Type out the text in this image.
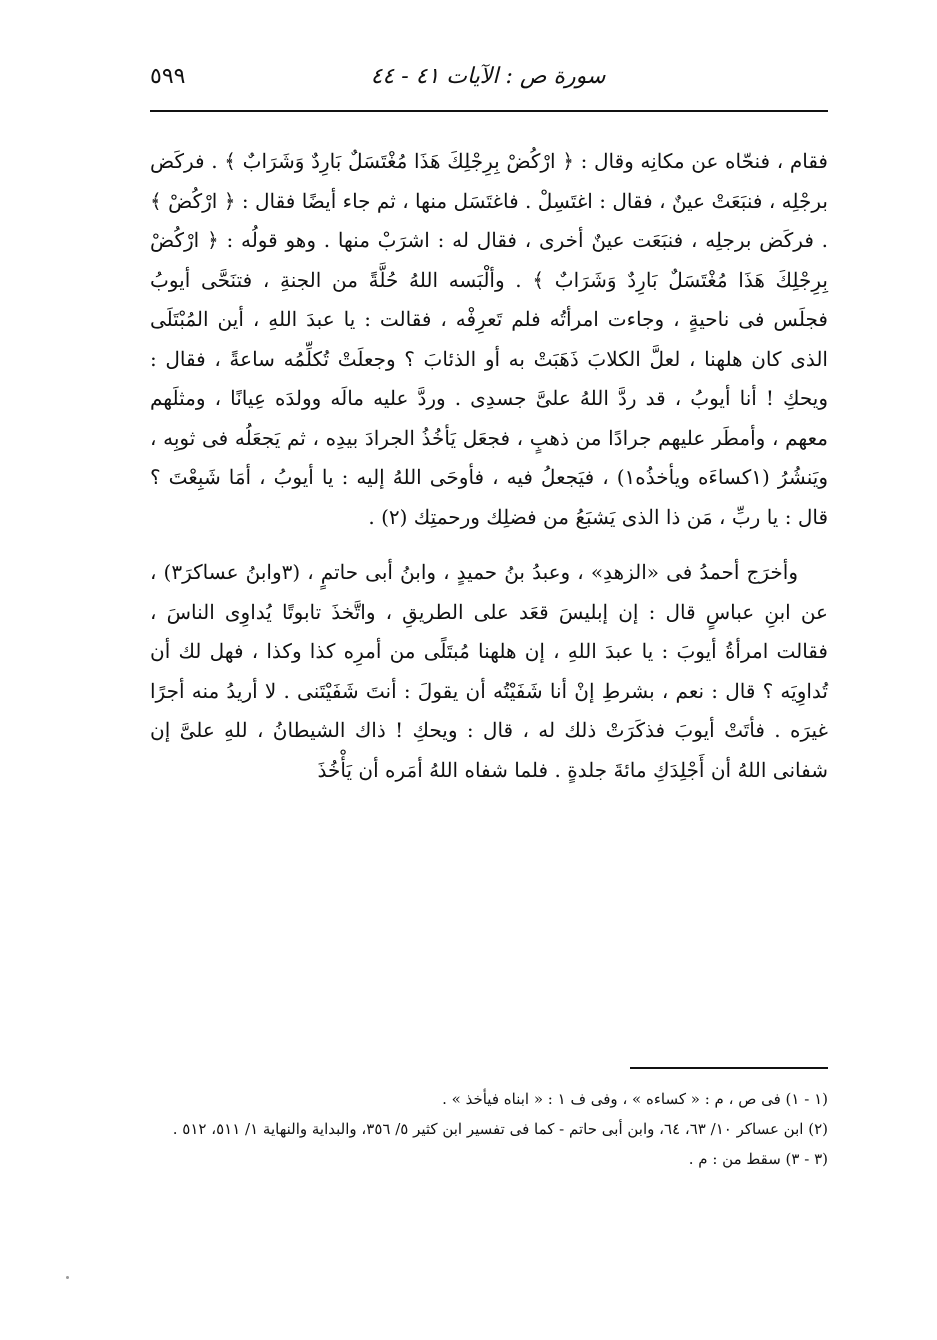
سورة ص : الآيات ٤١ - ٤٤
٥٩٩

فقام ، فنحّاه عن مكانِه وقال : ﴿ ارْكُضْ بِرِجْلِكَ هَذَا مُغْتَسَلٌ بَارِدٌ وَشَرَابٌ ﴾ . فركَض برجْلِه ، فنبَعَتْ عينٌ ، فقال : اغتَسِلْ . فاغتَسَل منها ، ثم جاء أيضًا فقال : ﴿ ارْكُضْ ﴾ . فركَض برجلِه ، فنبَعَت عينٌ أخرى ، فقال له : اشرَبْ منها . وهو قولُه : ﴿ ارْكُضْ بِرِجْلِكَ هَذَا مُغْتَسَلٌ بَارِدٌ وَشَرَابٌ ﴾ . وألْبَسه اللهُ حُلَّةً من الجنةِ ، فتنَحَّى أيوبُ فجلَس فى ناحيةٍ ، وجاءت امرأتُه فلم تَعرِفْه ، فقالت : يا عبدَ اللهِ ، أين المُبْتَلَى الذى كان هلهنا ، لعلَّ الكلابَ ذَهَبَتْ به أو الذئابَ ؟ وجعلَتْ تُكلِّمُه ساعةً ، فقال : ويحكِ ! أنا أيوبُ ، قد ردَّ اللهُ علىَّ جسدِى . وردَّ عليه مالَه وولدَه عِيانًا ، ومثلَهم معهم ، وأمطَر عليهم جرادًا من ذهبٍ ، فجعَل يَأخُذُ الجرادَ بيدِه ، ثم يَجعَلُه فى ثوبِه ، ويَنشُرُ (١كساءَه ويأخذُه١) ، فيَجعلُ فيه ، فأوحَى اللهُ إليه : يا أيوبُ ، أمَا شَبِعْتَ ؟ قال : يا ربِّ ، مَن ذا الذى يَشبَعُ من فضلِك ورحمتِك (٢) .

وأخرَج أحمدُ فى «الزهدِ» ، وعبدُ بنُ حميدٍ ، وابنُ أبى حاتمٍ ، (٣وابنُ عساكرَ٣) ، عن ابنِ عباسٍ قال : إن إبليسَ قعَد على الطريقِ ، واتَّخذَ تابوتًا يُداوِى الناسَ ، فقالت امرأةُ أيوبَ : يا عبدَ اللهِ ، إن هلهنا مُبتَلًى من أمرِه كذا وكذا ، فهل لك أن تُداوِيَه ؟ قال : نعم ، بشرطِ إنْ أنا شَفَيْتُه أن يقولَ : أنتَ شَفَيْتَنى . لا أريدُ منه أجرًا غيرَه . فأتَتْ أيوبَ فذكَرَتْ ذلك له ، قال : ويحكِ ! ذاك الشيطانُ ، للهِ علىَّ إن شفانى اللهُ أن أَجْلِدَكِ مائةَ جلدةٍ . فلما شفاه اللهُ أمَره أن يَأْخُذَ

(١ - ١) فى ص ، م : « كساءه » ، وفى ف ١ : « ابناه فيأخذ » .

(٢) ابن عساكر ١٠/ ٦٣، ٦٤، وابن أبى حاتم - كما فى تفسير ابن كثير ٥/ ٣٥٦، والبداية والنهاية ١/ ٥١١، ٥١٢ .

(٣ - ٣) سقط من : م .
